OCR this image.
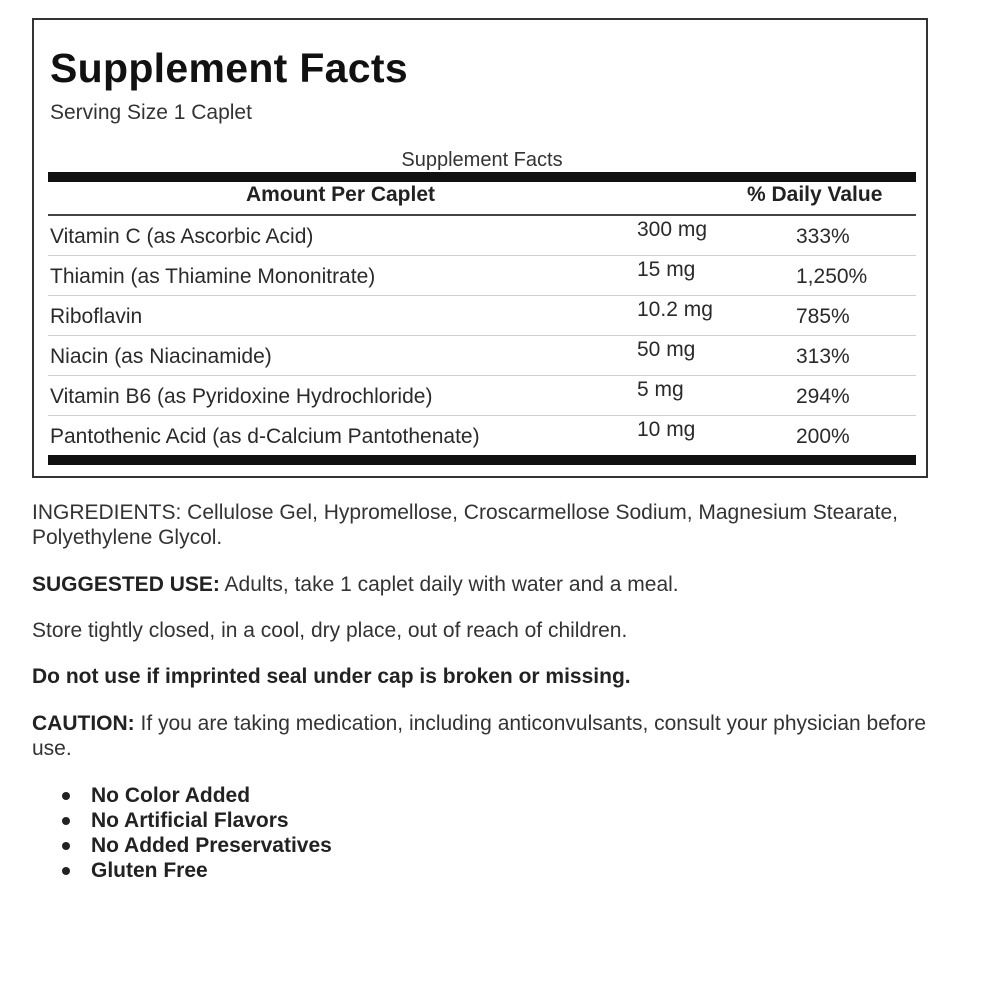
Supplement Facts
Serving Size 1 Caplet
Supplement Facts
Amount Per Caplet	% Daily Value
Vitamin C (as Ascorbic Acid)	300 mg	333%
Thiamin (as Thiamine Mononitrate)	15 mg	1,250%
Riboflavin	10.2 mg	785%
Niacin (as Niacinamide)	50 mg	313%
Vitamin B6 (as Pyridoxine Hydrochloride)	5 mg	294%
Pantothenic Acid (as d-Calcium Pantothenate)	10 mg	200%
INGREDIENTS: Cellulose Gel, Hypromellose, Croscarmellose Sodium, Magnesium Stearate, Polyethylene Glycol.
SUGGESTED USE: Adults, take 1 caplet daily with water and a meal.
Store tightly closed, in a cool, dry place, out of reach of children.
Do not use if imprinted seal under cap is broken or missing.
CAUTION: If you are taking medication, including anticonvulsants, consult your physician before use.
No Color Added
No Artificial Flavors
No Added Preservatives
Gluten Free
